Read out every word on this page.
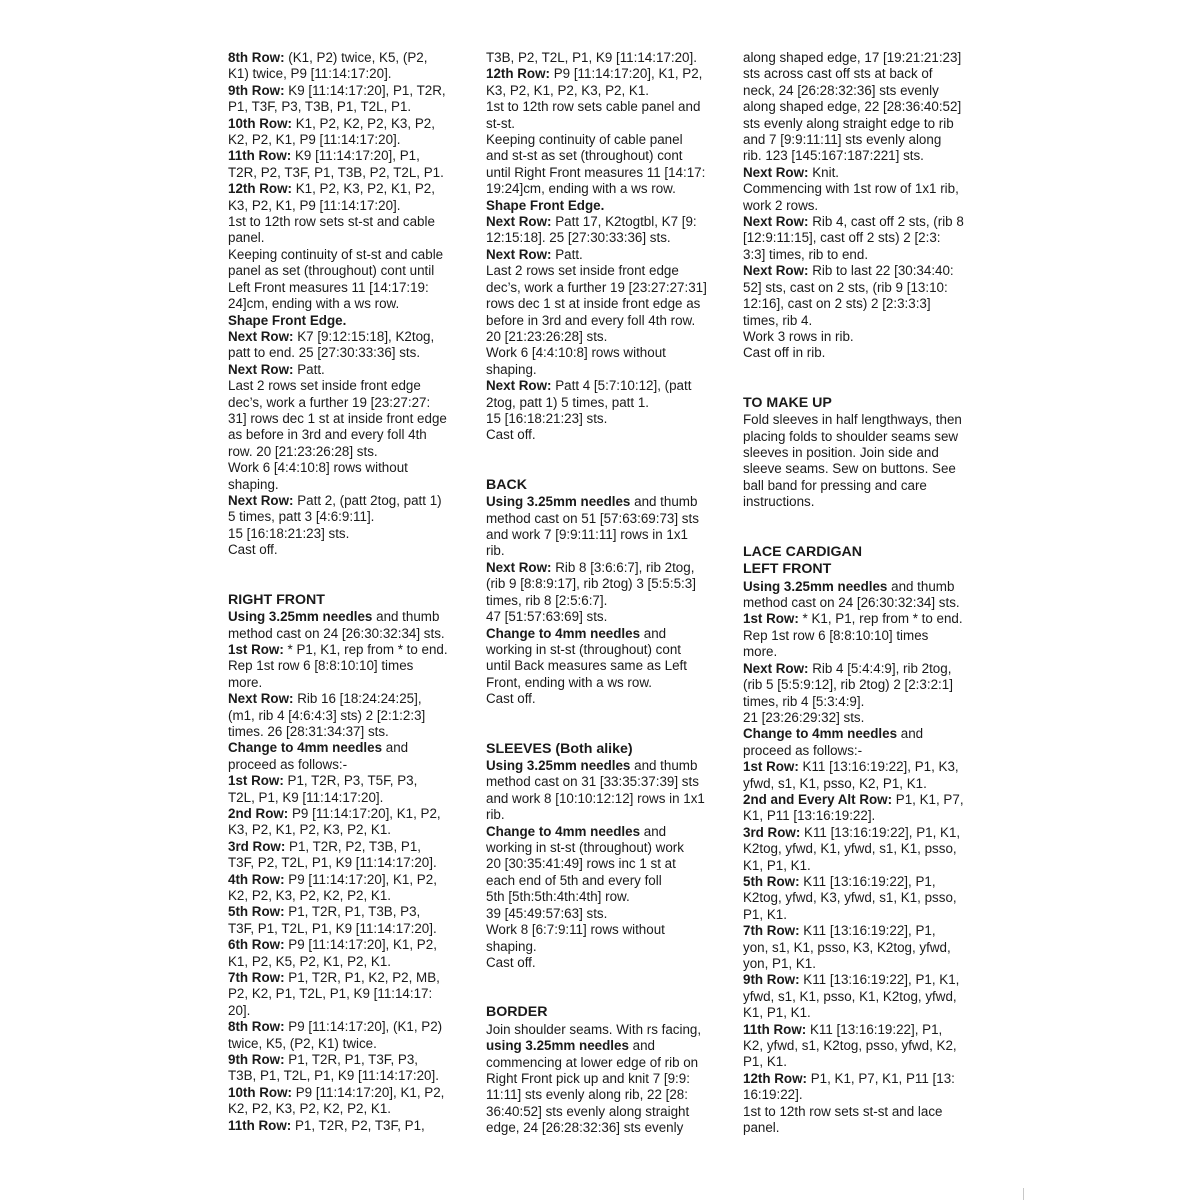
8th Row: (K1, P2) twice, K5, (P2,

K1) twice, P9 [11:14:17:20].

9th Row: K9 [11:14:17:20], P1, T2R,

P1, T3F, P3, T3B, P1, T2L, P1.

10th Row: K1, P2, K2, P2, K3, P2,

K2, P2, K1, P9 [11:14:17:20].

11th Row: K9 [11:14:17:20], P1,

T2R, P2, T3F, P1, T3B, P2, T2L, P1.

12th Row: K1, P2, K3, P2, K1, P2,

K3, P2, K1, P9 [11:14:17:20].

1st to 12th row sets st-st and cable

panel.

Keeping continuity of st-st and cable

panel as set (throughout) cont until

Left Front measures 11 [14:17:19:

24]cm, ending with a ws row.

Shape Front Edge.

Next Row: K7 [9:12:15:18], K2tog,

patt to end. 25 [27:30:33:36] sts.

Next Row: Patt.

Last 2 rows set inside front edge

dec’s, work a further 19 [23:27:27:

31] rows dec 1 st at inside front edge

as before in 3rd and every foll 4th

row. 20 [21:23:26:28] sts.

Work 6 [4:4:10:8] rows without

shaping.

Next Row: Patt 2, (patt 2tog, patt 1)

5 times, patt 3 [4:6:9:11].

15 [16:18:21:23] sts.

Cast off.

RIGHT FRONT

Using 3.25mm needles and thumb

method cast on 24 [26:30:32:34] sts.

1st Row: * P1, K1, rep from * to end.

Rep 1st row 6 [8:8:10:10] times

more.

Next Row: Rib 16 [18:24:24:25],

(m1, rib 4 [4:6:4:3] sts) 2 [2:1:2:3]

times. 26 [28:31:34:37] sts.

Change to 4mm needles and

proceed as follows:-

1st Row: P1, T2R, P3, T5F, P3,

T2L, P1, K9 [11:14:17:20].

2nd Row: P9 [11:14:17:20], K1, P2,

K3, P2, K1, P2, K3, P2, K1.

3rd Row: P1, T2R, P2, T3B, P1,

T3F, P2, T2L, P1, K9 [11:14:17:20].

4th Row: P9 [11:14:17:20], K1, P2,

K2, P2, K3, P2, K2, P2, K1.

5th Row: P1, T2R, P1, T3B, P3,

T3F, P1, T2L, P1, K9 [11:14:17:20].

6th Row: P9 [11:14:17:20], K1, P2,

K1, P2, K5, P2, K1, P2, K1.

7th Row: P1, T2R, P1, K2, P2, MB,

P2, K2, P1, T2L, P1, K9 [11:14:17:

20].

8th Row: P9 [11:14:17:20], (K1, P2)

twice, K5, (P2, K1) twice.

9th Row: P1, T2R, P1, T3F, P3,

T3B, P1, T2L, P1, K9 [11:14:17:20].

10th Row: P9 [11:14:17:20], K1, P2,

K2, P2, K3, P2, K2, P2, K1.

11th Row: P1, T2R, P2, T3F, P1,

T3B, P2, T2L, P1, K9 [11:14:17:20].

12th Row: P9 [11:14:17:20], K1, P2,

K3, P2, K1, P2, K3, P2, K1.

1st to 12th row sets cable panel and

st-st.

Keeping continuity of cable panel

and st-st as set (throughout) cont

until Right Front measures 11 [14:17:

19:24]cm, ending with a ws row.

Shape Front Edge.

Next Row: Patt 17, K2togtbl, K7 [9:

12:15:18]. 25 [27:30:33:36] sts.

Next Row: Patt.

Last 2 rows set inside front edge

dec’s, work a further 19 [23:27:27:31]

rows dec 1 st at inside front edge as

before in 3rd and every foll 4th row.

20 [21:23:26:28] sts.

Work 6 [4:4:10:8] rows without

shaping.

Next Row: Patt 4 [5:7:10:12], (patt

2tog, patt 1) 5 times, patt 1.

15 [16:18:21:23] sts.

Cast off.

BACK

Using 3.25mm needles and thumb

method cast on 51 [57:63:69:73] sts

and work 7 [9:9:11:11] rows in 1x1

rib.

Next Row: Rib 8 [3:6:6:7], rib 2tog,

(rib 9 [8:8:9:17], rib 2tog) 3 [5:5:5:3]

times, rib 8 [2:5:6:7].

47 [51:57:63:69] sts.

Change to 4mm needles and

working in st-st (throughout) cont

until Back measures same as Left

Front, ending with a ws row.

Cast off.

SLEEVES (Both alike)

Using 3.25mm needles and thumb

method cast on 31 [33:35:37:39] sts

and work 8 [10:10:12:12] rows in 1x1

rib.

Change to 4mm needles and

working in st-st (throughout) work

20 [30:35:41:49] rows inc 1 st at

each end of 5th and every foll

5th [5th:5th:4th:4th] row.

39 [45:49:57:63] sts.

Work 8 [6:7:9:11] rows without

shaping.

Cast off.

BORDER

Join shoulder seams. With rs facing,

using 3.25mm needles and

commencing at lower edge of rib on

Right Front pick up and knit 7 [9:9:

11:11] sts evenly along rib, 22 [28:

36:40:52] sts evenly along straight

edge, 24 [26:28:32:36] sts evenly

along shaped edge, 17 [19:21:21:23]

sts across cast off sts at back of

neck, 24 [26:28:32:36] sts evenly

along shaped edge, 22 [28:36:40:52]

sts evenly along straight edge to rib

and 7 [9:9:11:11] sts evenly along

rib. 123 [145:167:187:221] sts.

Next Row: Knit.

Commencing with 1st row of 1x1 rib,

work 2 rows.

Next Row: Rib 4, cast off 2 sts, (rib 8

[12:9:11:15], cast off 2 sts) 2 [2:3:

3:3] times, rib to end.

Next Row: Rib to last 22 [30:34:40:

52] sts, cast on 2 sts, (rib 9 [13:10:

12:16], cast on 2 sts) 2 [2:3:3:3]

times, rib 4.

Work 3 rows in rib.

Cast off in rib.

TO MAKE UP

Fold sleeves in half lengthways, then

placing folds to shoulder seams sew

sleeves in position. Join side and

sleeve seams. Sew on buttons. See

ball band for pressing and care

instructions.

LACE CARDIGAN

LEFT FRONT

Using 3.25mm needles and thumb

method cast on 24 [26:30:32:34] sts.

1st Row: * K1, P1, rep from * to end.

Rep 1st row 6 [8:8:10:10] times

more.

Next Row: Rib 4 [5:4:4:9], rib 2tog,

(rib 5 [5:5:9:12], rib 2tog) 2 [2:3:2:1]

times, rib 4 [5:3:4:9].

21 [23:26:29:32] sts.

Change to 4mm needles and

proceed as follows:-

1st Row: K11 [13:16:19:22], P1, K3,

yfwd, s1, K1, psso, K2, P1, K1.

2nd and Every Alt Row: P1, K1, P7,

K1, P11 [13:16:19:22].

3rd Row: K11 [13:16:19:22], P1, K1,

K2tog, yfwd, K1, yfwd, s1, K1, psso,

K1, P1, K1.

5th Row: K11 [13:16:19:22], P1,

K2tog, yfwd, K3, yfwd, s1, K1, psso,

P1, K1.

7th Row: K11 [13:16:19:22], P1,

yon, s1, K1, psso, K3, K2tog, yfwd,

yon, P1, K1.

9th Row: K11 [13:16:19:22], P1, K1,

yfwd, s1, K1, psso, K1, K2tog, yfwd,

K1, P1, K1.

11th Row: K11 [13:16:19:22], P1,

K2, yfwd, s1, K2tog, psso, yfwd, K2,

P1, K1.

12th Row: P1, K1, P7, K1, P11 [13:

16:19:22].

1st to 12th row sets st-st and lace

panel.
